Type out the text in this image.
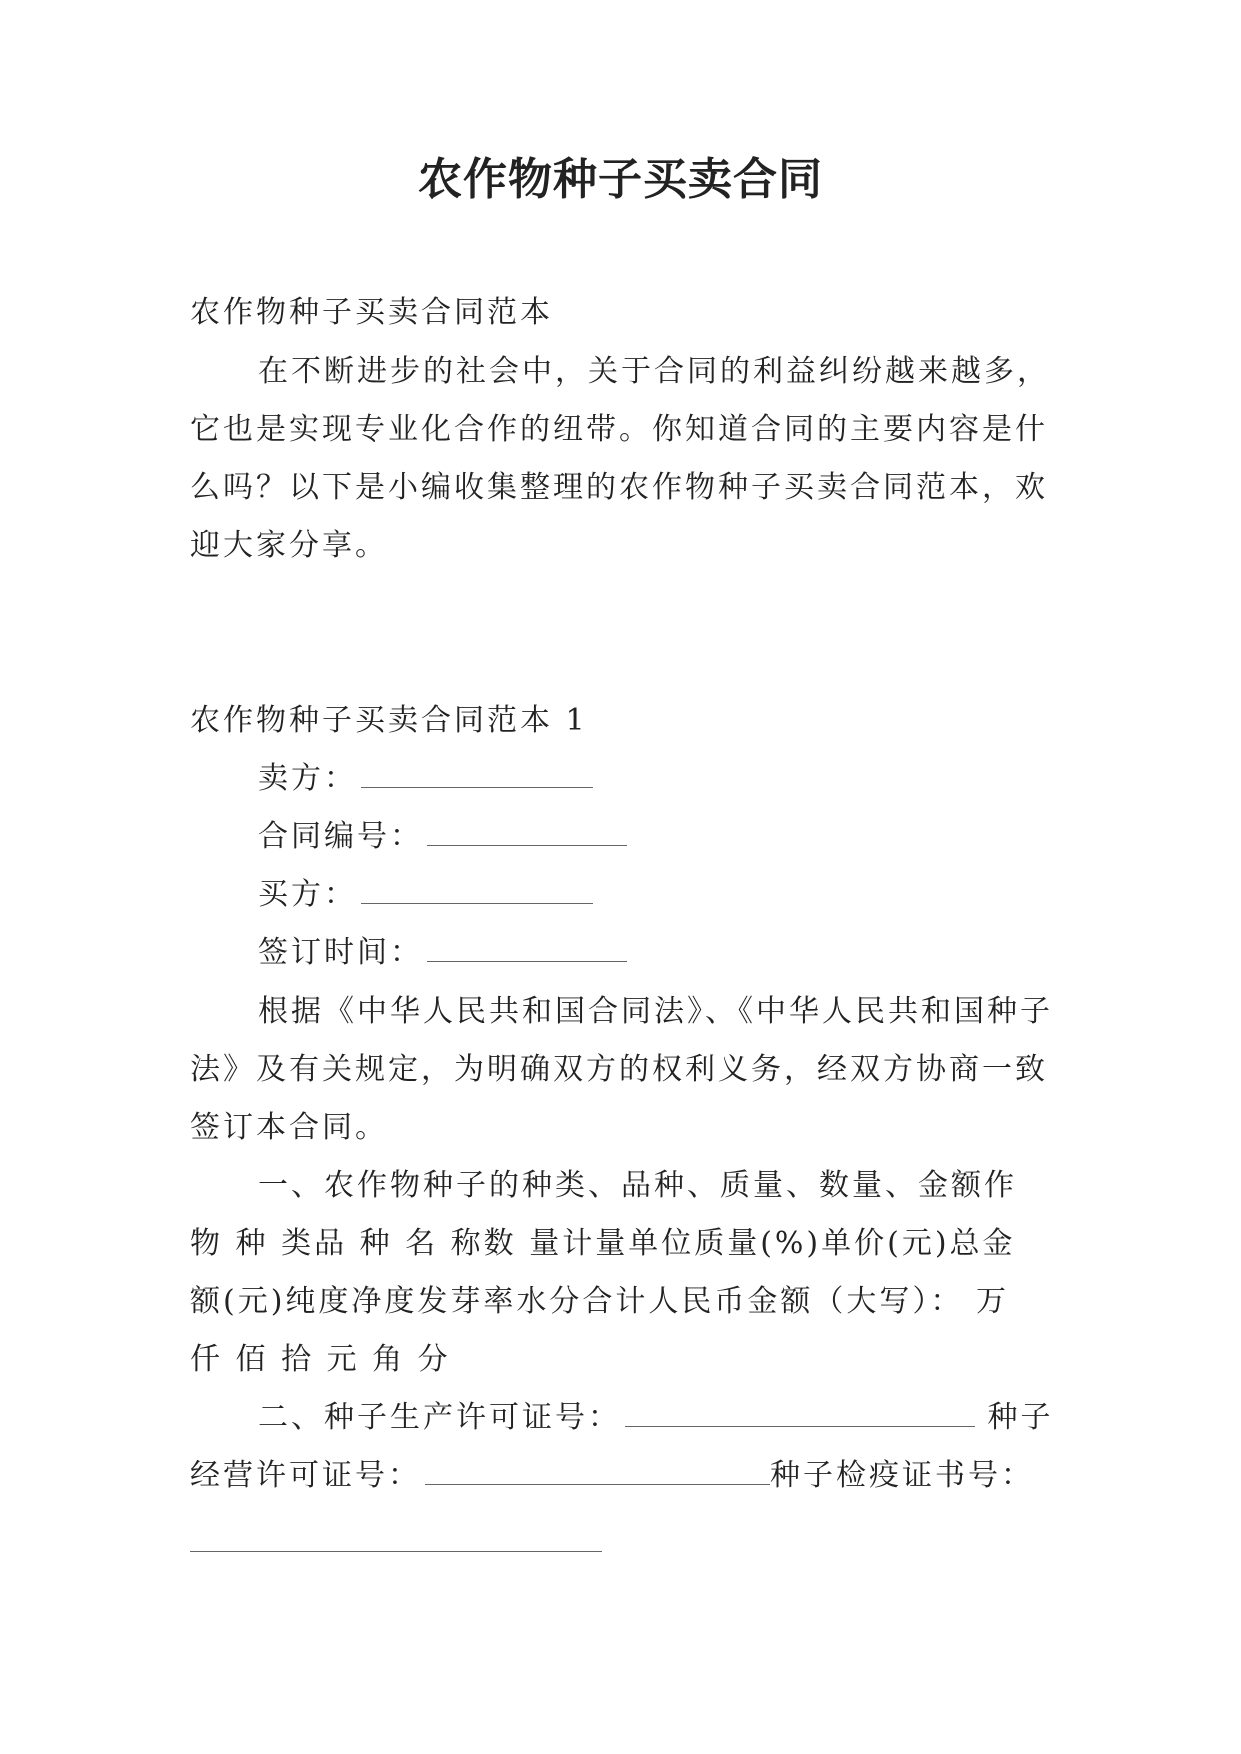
农作物种子买卖合同
农作物种子买卖合同范本
在不断进步的社会中，关于合同的利益纠纷越来越多，
它也是实现专业化合作的纽带。你知道合同的主要内容是什
么吗？以下是小编收集整理的农作物种子买卖合同范本，欢
迎大家分享。
农作物种子买卖合同范本 1
卖方：
合同编号：
买方：
签订时间：
根据《中华人民共和国合同法》、《中华人民共和国种子
法》及有关规定，为明确双方的权利义务，经双方协商一致
签订本合同。
一、农作物种子的种类、品种、质量、数量、金额作
物 种 类品 种 名 称数 量计量单位质量(%)单价(元)总金
额(元)纯度净度发芽率水分合计人民币金额（大写）： 万
仟 佰 拾 元 角 分
二、种子生产许可证号：	种子
经营许可证号：	种子检疫证书号：
